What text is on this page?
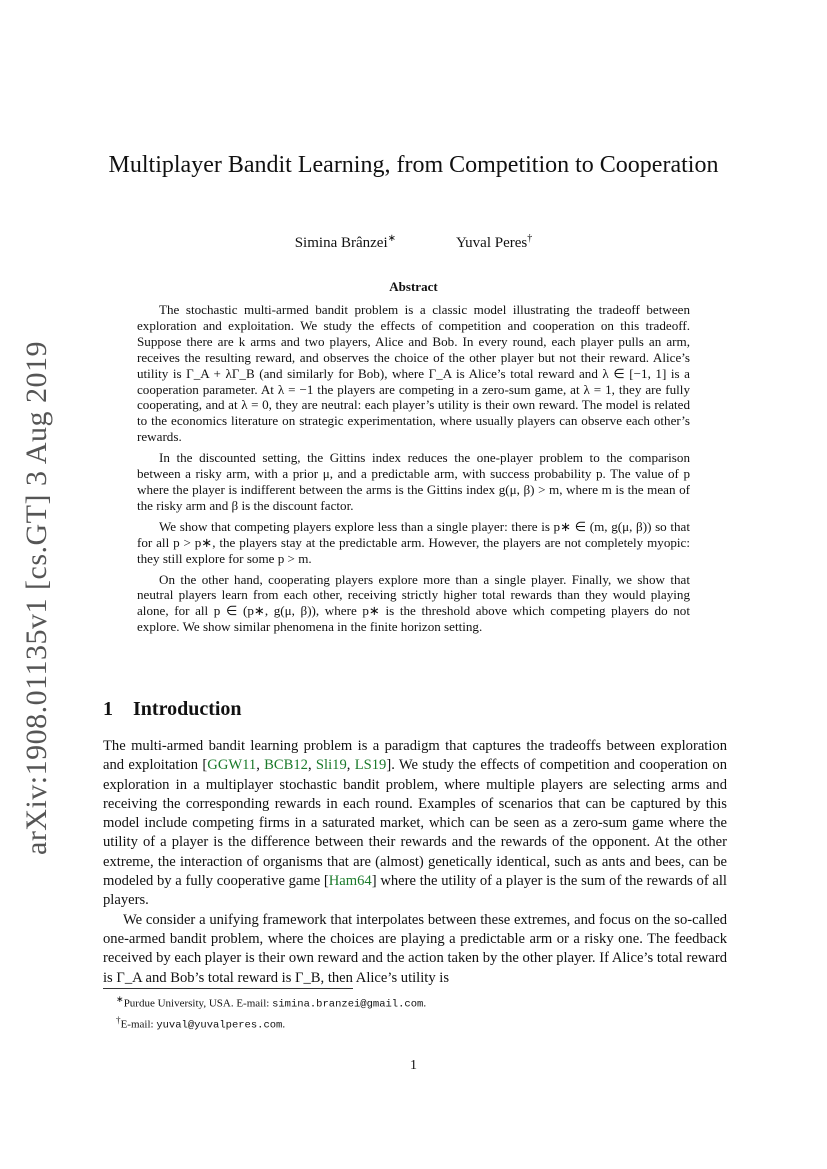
arXiv:1908.01135v1 [cs.GT] 3 Aug 2019
Multiplayer Bandit Learning, from Competition to Cooperation
Simina Brânzei∗	Yuval Peres†
Abstract

The stochastic multi-armed bandit problem is a classic model illustrating the tradeoff between exploration and exploitation. We study the effects of competition and cooperation on this tradeoff. Suppose there are k arms and two players, Alice and Bob. In every round, each player pulls an arm, receives the resulting reward, and observes the choice of the other player but not their reward. Alice’s utility is Γ_A + λΓ_B (and similarly for Bob), where Γ_A is Alice’s total reward and λ ∈ [−1, 1] is a cooperation parameter. At λ = −1 the players are competing in a zero-sum game, at λ = 1, they are fully cooperating, and at λ = 0, they are neutral: each player’s utility is their own reward. The model is related to the economics literature on strategic experimentation, where usually players can observe each other’s rewards.

In the discounted setting, the Gittins index reduces the one-player problem to the comparison between a risky arm, with a prior μ, and a predictable arm, with success probability p. The value of p where the player is indifferent between the arms is the Gittins index g(μ, β) > m, where m is the mean of the risky arm and β is the discount factor.

We show that competing players explore less than a single player: there is p∗ ∈ (m, g(μ, β)) so that for all p > p∗, the players stay at the predictable arm. However, the players are not completely myopic: they still explore for some p > m.

On the other hand, cooperating players explore more than a single player. Finally, we show that neutral players learn from each other, receiving strictly higher total rewards than they would playing alone, for all p ∈ (p∗, g(μ, β)), where p∗ is the threshold above which competing players do not explore. We show similar phenomena in the finite horizon setting.

1 Introduction

The multi-armed bandit learning problem is a paradigm that captures the tradeoffs between exploration and exploitation [GGW11, BCB12, Sli19, LS19]. We study the effects of competition and cooperation on exploration in a multiplayer stochastic bandit problem, where multiple players are selecting arms and receiving the corresponding rewards in each round. Examples of scenarios that can be captured by this model include competing firms in a saturated market, which can be seen as a zero-sum game where the utility of a player is the difference between their rewards and the rewards of the opponent. At the other extreme, the interaction of organisms that are (almost) genetically identical, such as ants and bees, can be modeled by a fully cooperative game [Ham64] where the utility of a player is the sum of the rewards of all players.

We consider a unifying framework that interpolates between these extremes, and focus on the so-called one-armed bandit problem, where the choices are playing a predictable arm or a risky one. The feedback received by each player is their own reward and the action taken by the other player. If Alice’s total reward is Γ_A and Bob’s total reward is Γ_B, then Alice’s utility is

∗Purdue University, USA. E-mail: simina.branzei@gmail.com.
†E-mail: yuval@yuvalperes.com.
1
